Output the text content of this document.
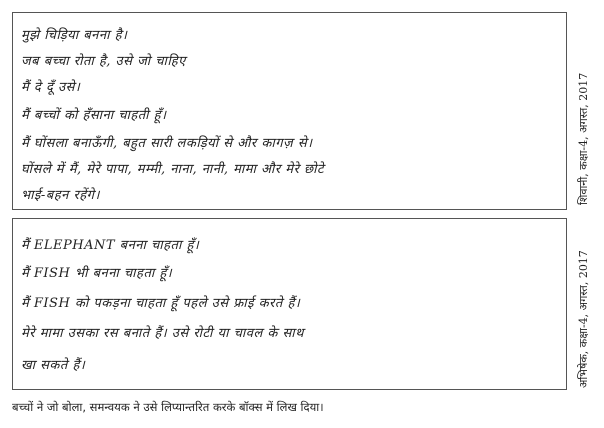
मुझे चिड़िया बनना है।
जब बच्चा रोता है, उसे जो चाहिए
मैं दे दूँ उसे।
मैं बच्चों को हँसाना चाहती हूँ।
मैं घोंसला बनाऊँगी, बहुत सारी लकड़ियों से और कागज़ से।
घोंसले में मैं, मेरे पापा, मम्मी, नाना, नानी, मामा और मेरे छोटे
भाई-बहन रहेंगे।	शिवानी, कक्षा-4, अगस्त, 2017
मैं ELEPHANT बनना चाहता हूँ।
मैं FISH भी बनना चाहता हूँ।
मैं FISH को पकड़ना चाहता हूँ पहले उसे फ्राई करते हैं।
मेरे मामा उसका रस बनाते हैं। उसे रोटी या चावल के साथ
खा सकते हैं।	अभिषेक, कक्षा-4, अगस्त, 2017
बच्चों ने जो बोला, समन्वयक ने उसे लिप्यान्तरित करके बॉक्स में लिख दिया।
